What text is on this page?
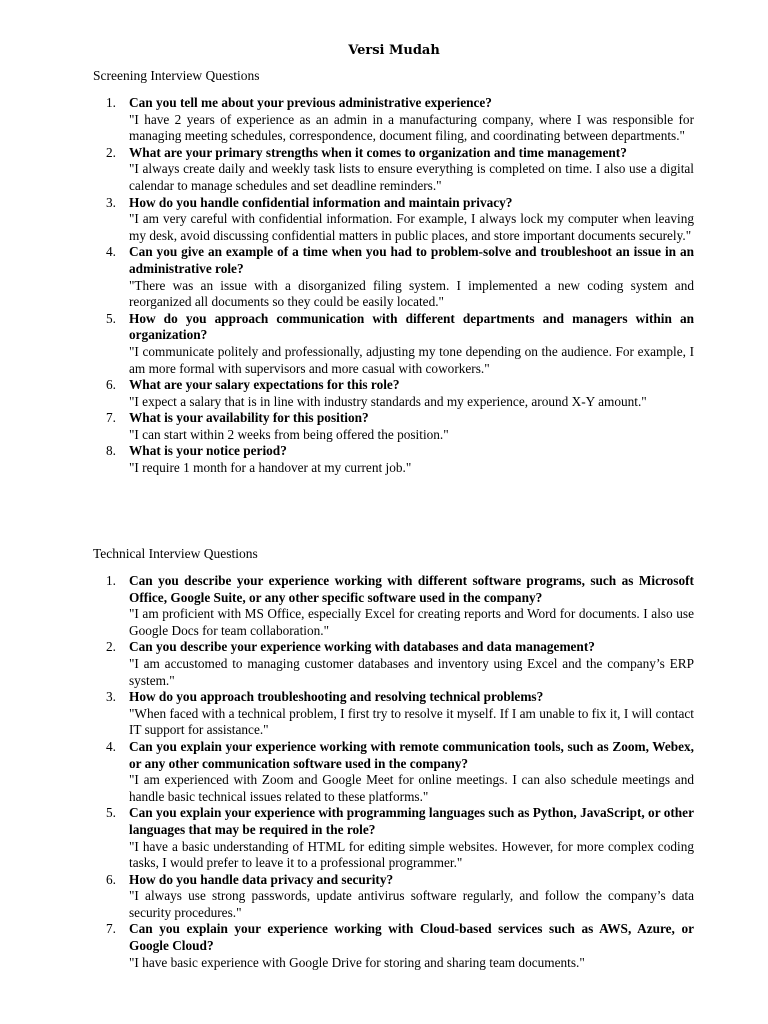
Versi Mudah
Screening Interview Questions
1. Can you tell me about your previous administrative experience?

"I have 2 years of experience as an admin in a manufacturing company, where I was responsible for managing meeting schedules, correspondence, document filing, and coordinating between departments."

2. What are your primary strengths when it comes to organization and time management?

"I always create daily and weekly task lists to ensure everything is completed on time. I also use a digital calendar to manage schedules and set deadline reminders."

3. How do you handle confidential information and maintain privacy?

"I am very careful with confidential information. For example, I always lock my computer when leaving my desk, avoid discussing confidential matters in public places, and store important documents securely."

4. Can you give an example of a time when you had to problem-solve and troubleshoot an issue in an administrative role?

"There was an issue with a disorganized filing system. I implemented a new coding system and reorganized all documents so they could be easily located."

5. How do you approach communication with different departments and managers within an organization?

"I communicate politely and professionally, adjusting my tone depending on the audience. For example, I am more formal with supervisors and more casual with coworkers."

6. What are your salary expectations for this role?

"I expect a salary that is in line with industry standards and my experience, around X-Y amount."

7. What is your availability for this position?

"I can start within 2 weeks from being offered the position."

8. What is your notice period?

"I require 1 month for a handover at my current job."

Technical Interview Questions
1. Can you describe your experience working with different software programs, such as Microsoft Office, Google Suite, or any other specific software used in the company?

"I am proficient with MS Office, especially Excel for creating reports and Word for documents. I also use Google Docs for team collaboration."

2. Can you describe your experience working with databases and data management?

"I am accustomed to managing customer databases and inventory using Excel and the company’s ERP system."

3. How do you approach troubleshooting and resolving technical problems?

"When faced with a technical problem, I first try to resolve it myself. If I am unable to fix it, I will contact IT support for assistance."

4. Can you explain your experience working with remote communication tools, such as Zoom, Webex, or any other communication software used in the company?

"I am experienced with Zoom and Google Meet for online meetings. I can also schedule meetings and handle basic technical issues related to these platforms."

5. Can you explain your experience with programming languages such as Python, JavaScript, or other languages that may be required in the role?

"I have a basic understanding of HTML for editing simple websites. However, for more complex coding tasks, I would prefer to leave it to a professional programmer."

6. How do you handle data privacy and security?

"I always use strong passwords, update antivirus software regularly, and follow the company’s data security procedures."

7. Can you explain your experience working with Cloud-based services such as AWS, Azure, or Google Cloud?

"I have basic experience with Google Drive for storing and sharing team documents."
